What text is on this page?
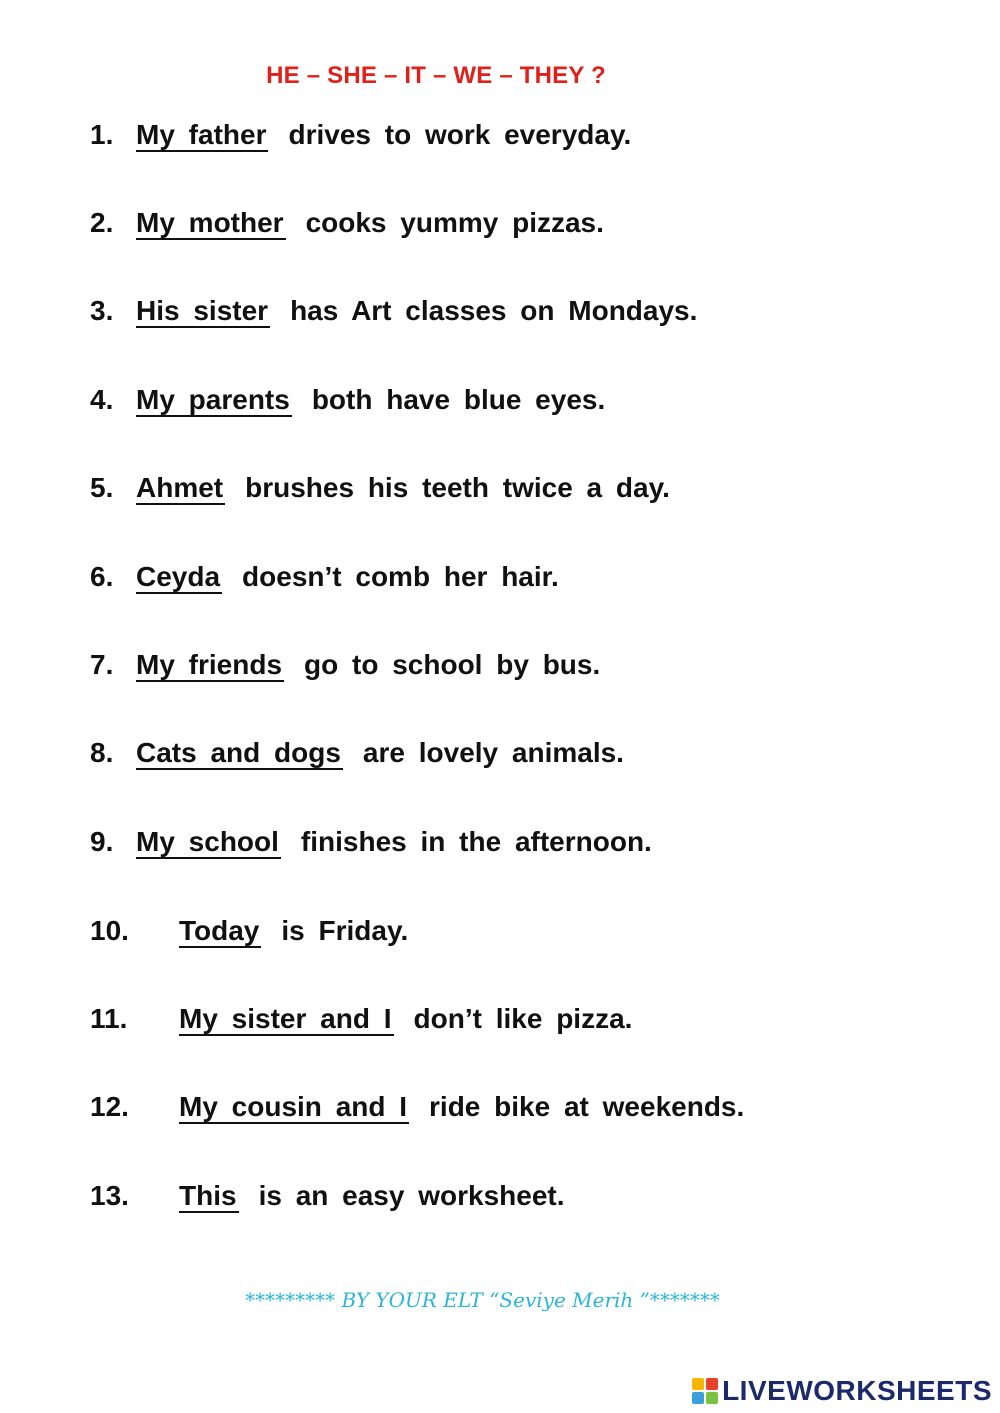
HE – SHE – IT – WE – THEY ?
1. My father drives to work everyday.
2. My mother cooks yummy pizzas.
3. His sister has Art classes on Mondays.
4. My parents both have blue eyes.
5. Ahmet brushes his teeth twice a day.
6. Ceyda doesn’t comb her hair.
7. My friends go to school by bus.
8. Cats and dogs are lovely animals.
9. My school finishes in the afternoon.
10. Today is Friday.
11. My sister and I don’t like pizza.
12. My cousin and I ride bike at weekends.
13. This is an easy worksheet.
********* BY YOUR ELT “Seviye Merih ”*******
LIVEWORKSHEETS
